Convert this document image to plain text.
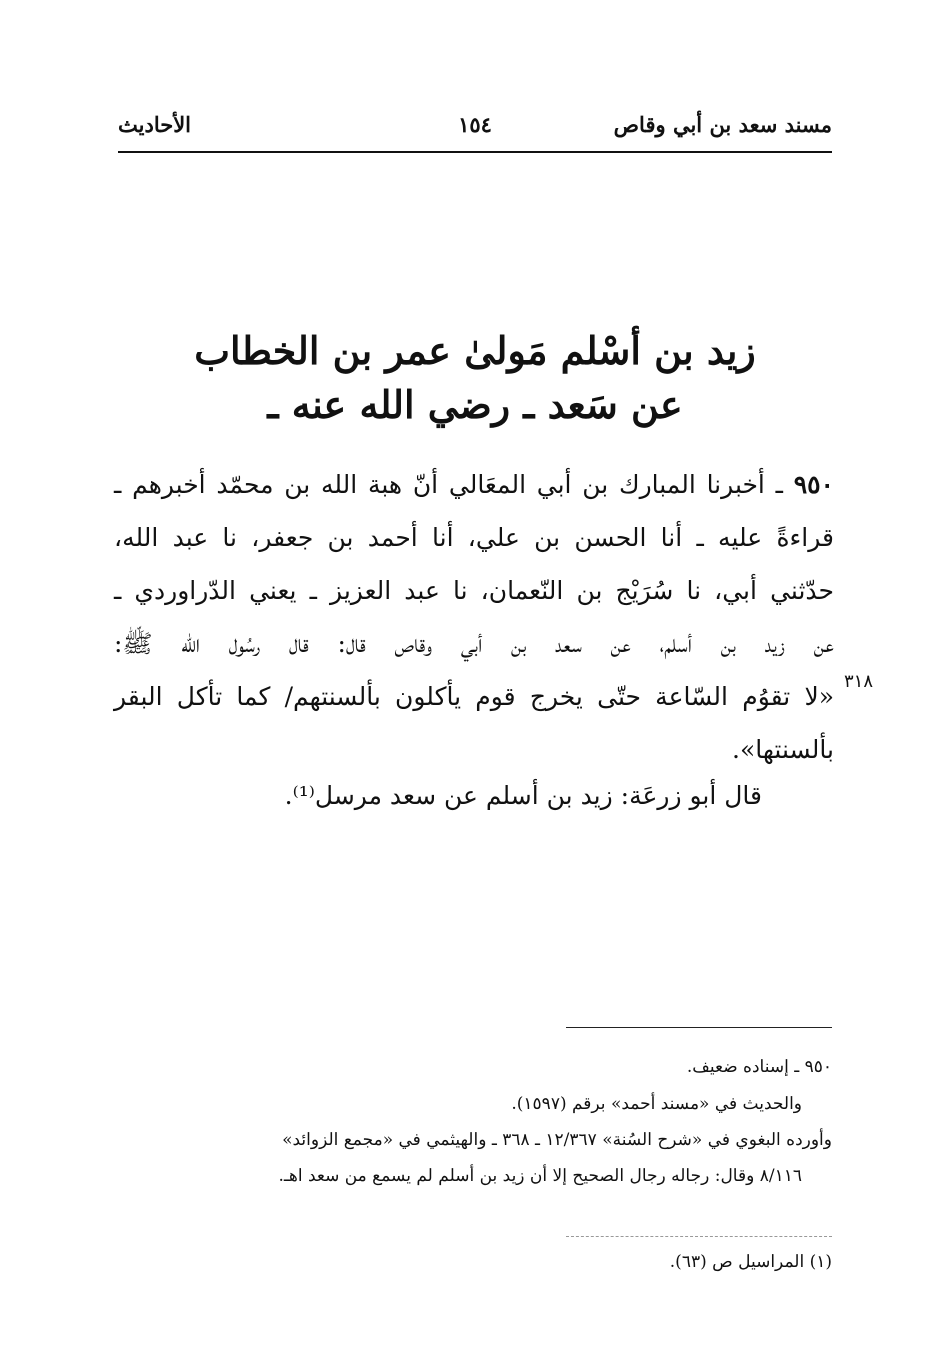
مسند سعد بن أبي وقاص
١٥٤
الأحاديث
زيد بن أسْلم مَولىٰ عمر بن الخطاب
عن سَعد ـ رضي الله عنه ـ
٩٥٠ ـ أخبرنا المبارك بن أبي المعَالي أنّ هبة الله بن محمّد أخبرهم ـ
قراءةً عليه ـ أنا الحسن بن علي، أنا أحمد بن جعفر، نا عبد الله،
حدّثني أبي، نا سُرَيْج بن النّعمان، نا عبد العزيز ـ يعني الدّراوردي ـ
عن زيد بن أسلم، عن سعد بن أبي وقاص قال: قال رسُول الله ﷺ:
«لا تقوُم السّاعة حتّى يخرج قوم يأكلون بألسنتهم/ كما تأكل البقر
بألسنتها».
٣١٨
قال أبو زرعَة: زيد بن أسلم عن سعد مرسل⁽¹⁾.
٩٥٠ ـ إسناده ضعيف.
والحديث في «مسند أحمد» برقم (١٥٩٧).
وأورده البغوي في «شرح السُنة» ١٢/٣٦٧ ـ ٣٦٨ ـ والهيثمي في «مجمع الزوائد»
٨/١١٦ وقال: رجاله رجال الصحيح إلا أن زيد بن أسلم لم يسمع من سعد اهـ.
(١) المراسيل ص (٦٣).
